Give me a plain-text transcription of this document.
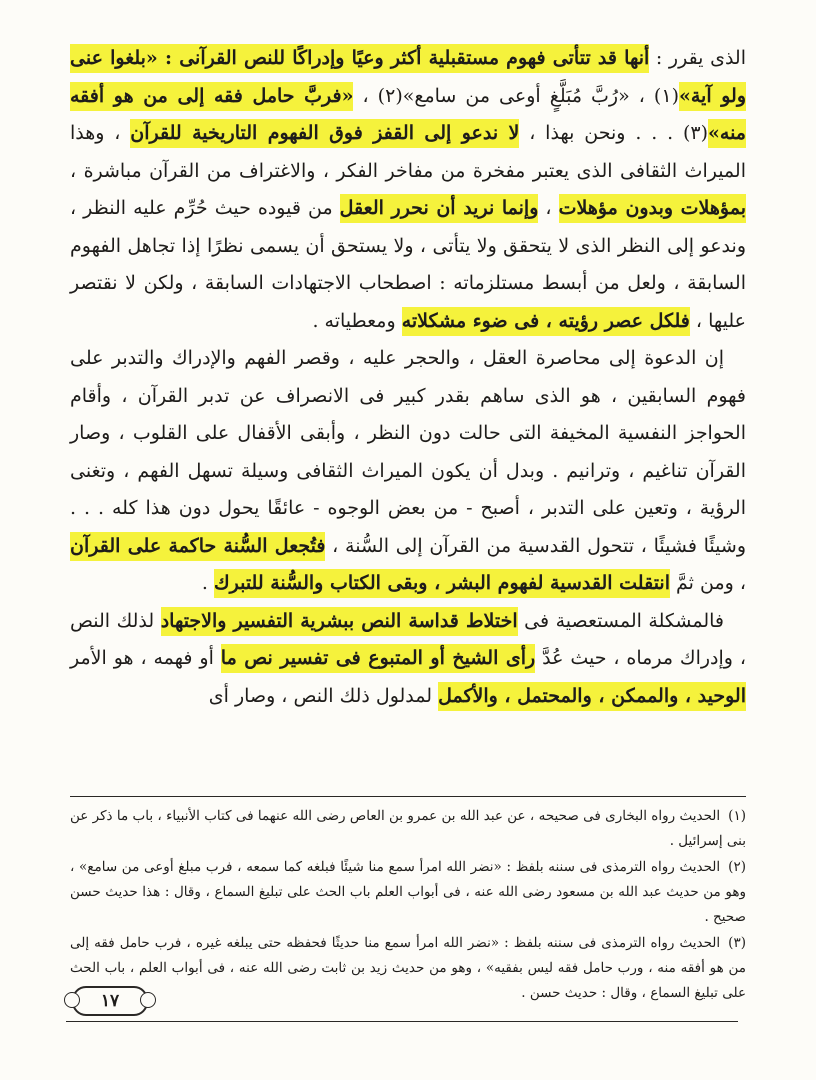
الذى يقرر : أنها قد تتأتى فهوم مستقبلية أكثر وعيًا وإدراكًا للنص القرآنى : «بلغوا عنى ولو آية»(١) ، «رُبَّ مُبَلَّغٍ أوعى من سامع»(٢) ، «فربَّ حامل فقه إلى من هو أفقه منه»(٣) . . . ونحن بهذا ، لا ندعو إلى القفز فوق الفهوم التاريخية للقرآن ، وهذا الميراث الثقافى الذى يعتبر مفخرة من مفاخر الفكر ، والاغتراف من القرآن مباشرة ، بمؤهلات وبدون مؤهلات ، وإنما نريد أن نحرر العقل من قيوده حيث حُرِّم عليه النظر ، وندعو إلى النظر الذى لا يتحقق ولا يتأتى ، ولا يستحق أن يسمى نظرًا إذا تجاهل الفهوم السابقة ، ولعل من أبسط مستلزماته : اصطحاب الاجتهادات السابقة ، ولكن لا نقتصر عليها ، فلكل عصر رؤيته ، فى ضوء مشكلاته ومعطياته .

إن الدعوة إلى محاصرة العقل ، والحجر عليه ، وقصر الفهم والإدراك والتدبر على فهوم السابقين ، هو الذى ساهم بقدر كبير فى الانصراف عن تدبر القرآن ، وأقام الحواجز النفسية المخيفة التى حالت دون النظر ، وأبقى الأقفال على القلوب ، وصار القرآن تناغيم ، وترانيم . وبدل أن يكون الميراث الثقافى وسيلة تسهل الفهم ، وتغنى الرؤية ، وتعين على التدبر ، أصبح - من بعض الوجوه - عائقًا يحول دون هذا كله . . . وشيئًا فشيئًا ، تتحول القدسية من القرآن إلى السُّنة ، فتُجعل السُّنة حاكمة على القرآن ، ومن ثمَّ انتقلت القدسية لفهوم البشر ، وبقى الكتاب والسُّنة للتبرك .

فالمشكلة المستعصية فى اختلاط قداسة النص ببشرية التفسير والاجتهاد لذلك النص ، وإدراك مرماه ، حيث عُدَّ رأى الشيخ أو المتبوع فى تفسير نص ما أو فهمه ، هو الأمر الوحيد ، والممكن ، والمحتمل ، والأكمل لمدلول ذلك النص ، وصار أى

(١)الحديث رواه البخارى فى صحيحه ، عن عبد الله بن عمرو بن العاص رضى الله عنهما فى كتاب الأنبياء ، باب ما ذكر عن بنى إسرائيل .

(٢)الحديث رواه الترمذى فى سننه بلفظ : «نضر الله امرأ سمع منا شيئًا فبلغه كما سمعه ، فرب مبلغ أوعى من سامع» ، وهو من حديث عبد الله بن مسعود رضى الله عنه ، فى أبواب العلم باب الحث على تبليغ السماع ، وقال : هذا حديث حسن صحيح .

(٣)الحديث رواه الترمذى فى سننه بلفظ : «نضر الله امرأ سمع منا حديثًا فحفظه حتى يبلغه غيره ، فرب حامل فقه إلى من هو أفقه منه ، ورب حامل فقه ليس بفقيه» ، وهو من حديث زيد بن ثابت رضى الله عنه ، فى أبواب العلم ، باب الحث على تبليغ السماع ، وقال : حديث حسن .

١٧
